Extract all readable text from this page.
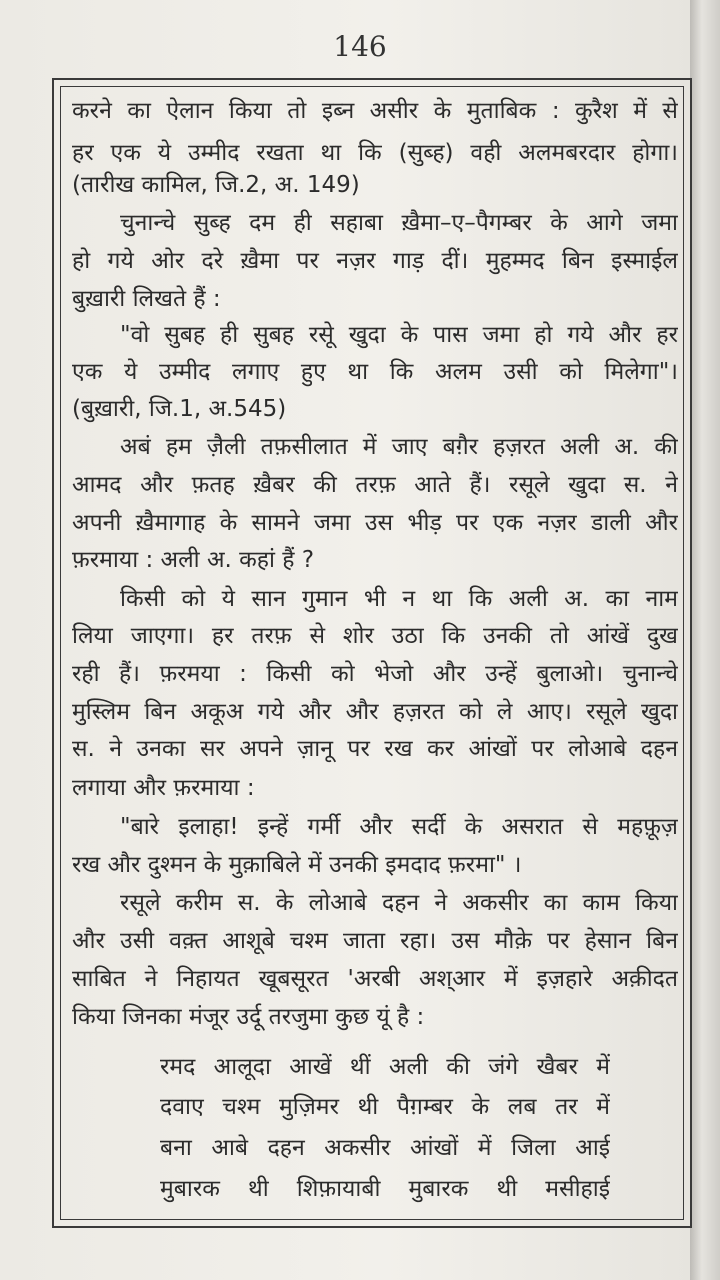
146
करने का ऐलान किया तो इब्न असीर के मुताबिक : कुरैश में से
हर एक ये उम्मीद रखता था कि (सुब्ह) वही अलमबरदार होगा।
(तारीख कामिल, जि.2, अ. 149)
चुनान्चे सुब्ह दम ही सहाबा ख़ैमा–ए–पैगम्बर के आगे जमा
हो गये ओर दरे ख़ैमा पर नज़र गाड़ दीं। मुहम्मद बिन इस्माईल
बुख़ारी लिखते हैं :
"वो सुबह ही सुबह रसूे खुदा के पास जमा हो गये और हर
एक ये उम्मीद लगाए हुए था कि अलम उसी को मिलेगा"।
(बुख़ारी, जि.1, अ.545)
अबं हम ज़ैली तफ़सीलात में जाए बग़ैर हज़रत अली अ. की
आमद और फ़तह ख़ैबर की तरफ़ आते हैं। रसूले खुदा स. ने
अपनी ख़ैमागाह के सामने जमा उस भीड़ पर एक नज़र डाली और
फ़रमाया : अली अ. कहां हैं ?
किसी को ये सान गुमान भी न था कि अली अ. का नाम
लिया जाएगा। हर तरफ़ से शोर उठा कि उनकी तो आंखें दुख
रही हैं। फ़रमया : किसी को भेजो और उन्हें बुलाओ। चुनान्चे
मुस्लिम बिन अकूअ गये और और हज़रत को ले आए। रसूले खुदा
स. ने उनका सर अपने ज़ानू पर रख कर आंखों पर लोआबे दहन
लगाया और फ़रमाया :
"बारे इलाहा! इन्हें गर्मी और सर्दी के असरात से महफ़ूज़
रख और दुश्मन के मुक़ाबिले में उनकी इमदाद फ़रमा" ।
रसूले करीम स. के लोआबे दहन ने अकसीर का काम किया
और उसी वक़्त आशूबे चश्म जाता रहा। उस मौक़े पर हेसान बिन
साबित ने निहायत खूबसूरत 'अरबी अश्आर में इज़हारे अक़ीदत
किया जिनका मंजूर उर्दू तरजुमा कुछ यूं है :
रमद आलूदा आखें थीं अली की जंगे खैबर में
दवाए चश्म मुज़िमर थी पैग़म्बर के लब तर में
बना आबे दहन अकसीर आंखों में जिला आई
मुबारक थी शिफ़ायाबी मुबारक थी मसीहाई
